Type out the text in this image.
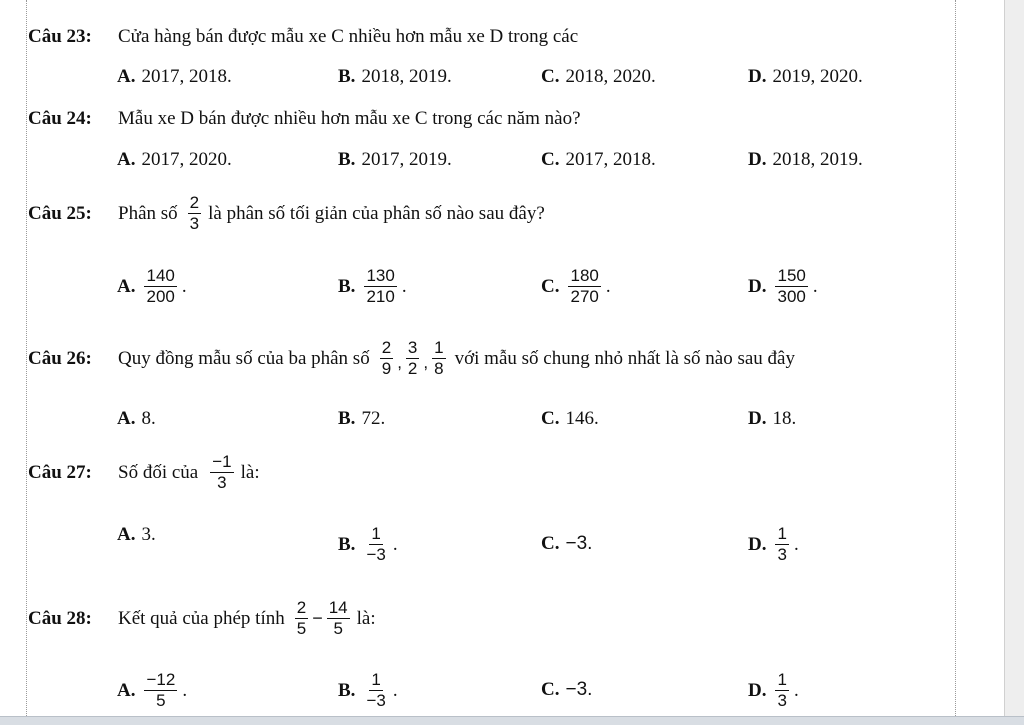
Câu 23:	Cửa hàng bán được mẫu xe C nhiều hơn mẫu xe D trong các
A. 2017, 2018.	B. 2018, 2019.	C. 2018, 2020.	D. 2019, 2020.
Câu 24:	Mẫu xe D bán được nhiều hơn mẫu xe C trong các năm nào?
A. 2017, 2020.	B. 2017, 2019.	C. 2017, 2018.	D. 2018, 2019.
Câu 25:	Phân số $\frac{2}{3}$ là phân số tối giản của phân số nào sau đây?
A. $\frac{140}{200}$ .	B. $\frac{130}{210}$ .	C. $\frac{180}{270}$ .	D. $\frac{150}{300}$ .
Câu 26:	Quy đồng mẫu số của ba phân số $\frac{2}{9}$ , $\frac{3}{2}$ , $\frac{1}{8}$ với mẫu số chung nhỏ nhất là số nào sau đây
A. 8.	B. 72.	C. 146.	D. 18.
Câu 27:	Số đối của $\frac{-1}{3}$ là:
A. 3.	B. $\frac{1}{-3}$ .	C. −3.	D. $\frac{1}{3}$ .
Câu 28:	Kết quả của phép tính $\frac{2}{5} - \frac{14}{5}$ là:
A. $\frac{-12}{5}$ .	B. $\frac{1}{-3}$ .	C. −3.	D. $\frac{1}{3}$ .
